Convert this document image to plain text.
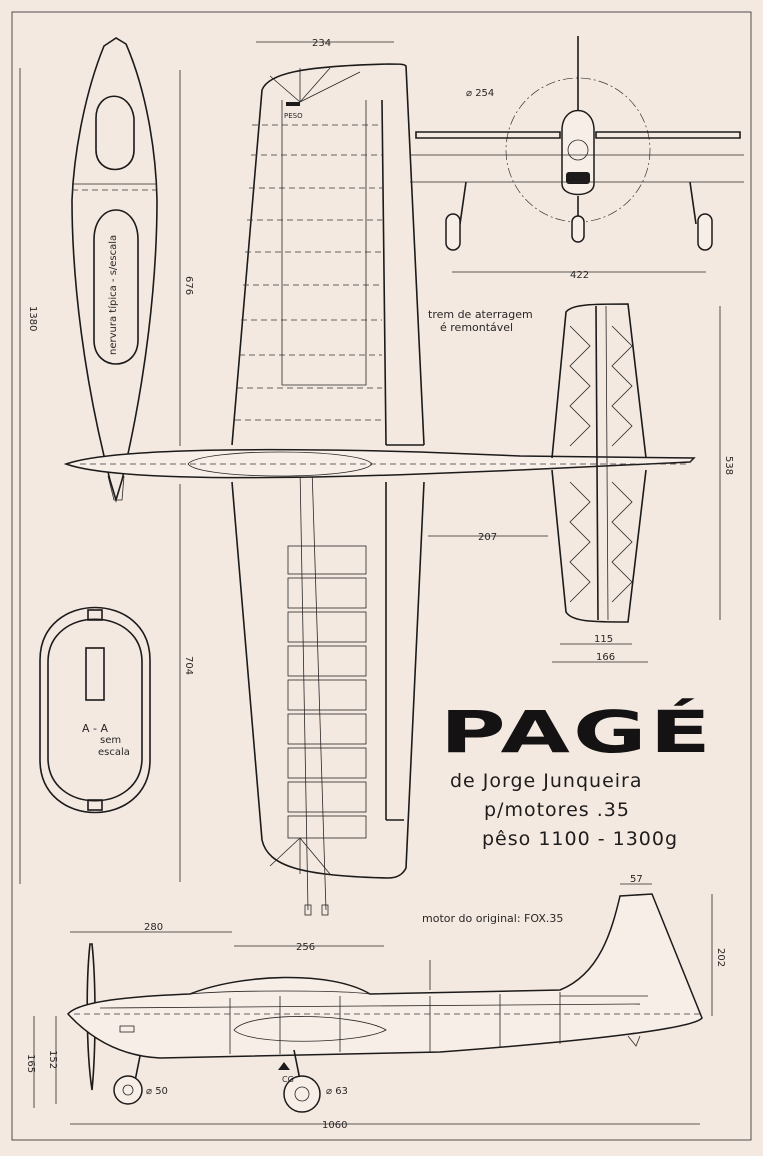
nervura típica - s/escala
A - A
sem
escala
234
⌀ 254
1380
676
704
422
538
207
115
166
57
202
280
256
165 152
⌀ 50	⌀ 63
1060
PESO
trem de aterragem
é remontável
motor do original: FOX.35
CG
PAGÉ
de Jorge Junqueira
p/motores .35
pêso 1100 - 1300g
